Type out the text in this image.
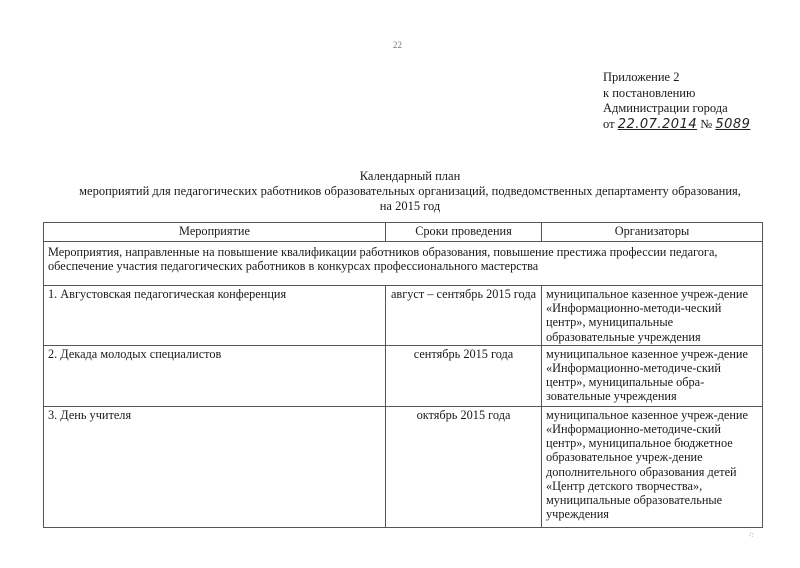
22
Приложение 2
к постановлению
Администрации города
от 22.07.2014 № 5089
Календарный план
мероприятий для педагогических работников образовательных организаций, подведомственных департаменту образования,
на 2015 год
Мероприятие	Сроки проведения	Организаторы
Мероприятия, направленные на повышение квалификации работников образования, повышение престижа профессии педагога, обеспечение участия педагогических работников в конкурсах профессионального мастерства		
1. Августовская педагогическая конференция	август – сентябрь 2015 года	муниципальное казенное учреж-дение «Информационно-методи-ческий центр», муниципальные образовательные учреждения
2. Декада молодых специалистов	сентябрь 2015 года	муниципальное казенное учреж-дение «Информационно-методиче-ский центр», муниципальные обра-зовательные учреждения
3. День учителя	октябрь 2015 года	муниципальное казенное учреж-дение «Информационно-методиче-ский центр», муниципальное бюджетное образовательное учреж-дение дополнительного образования детей «Центр детского творчества», муниципальные образовательные учреждения
⁘
